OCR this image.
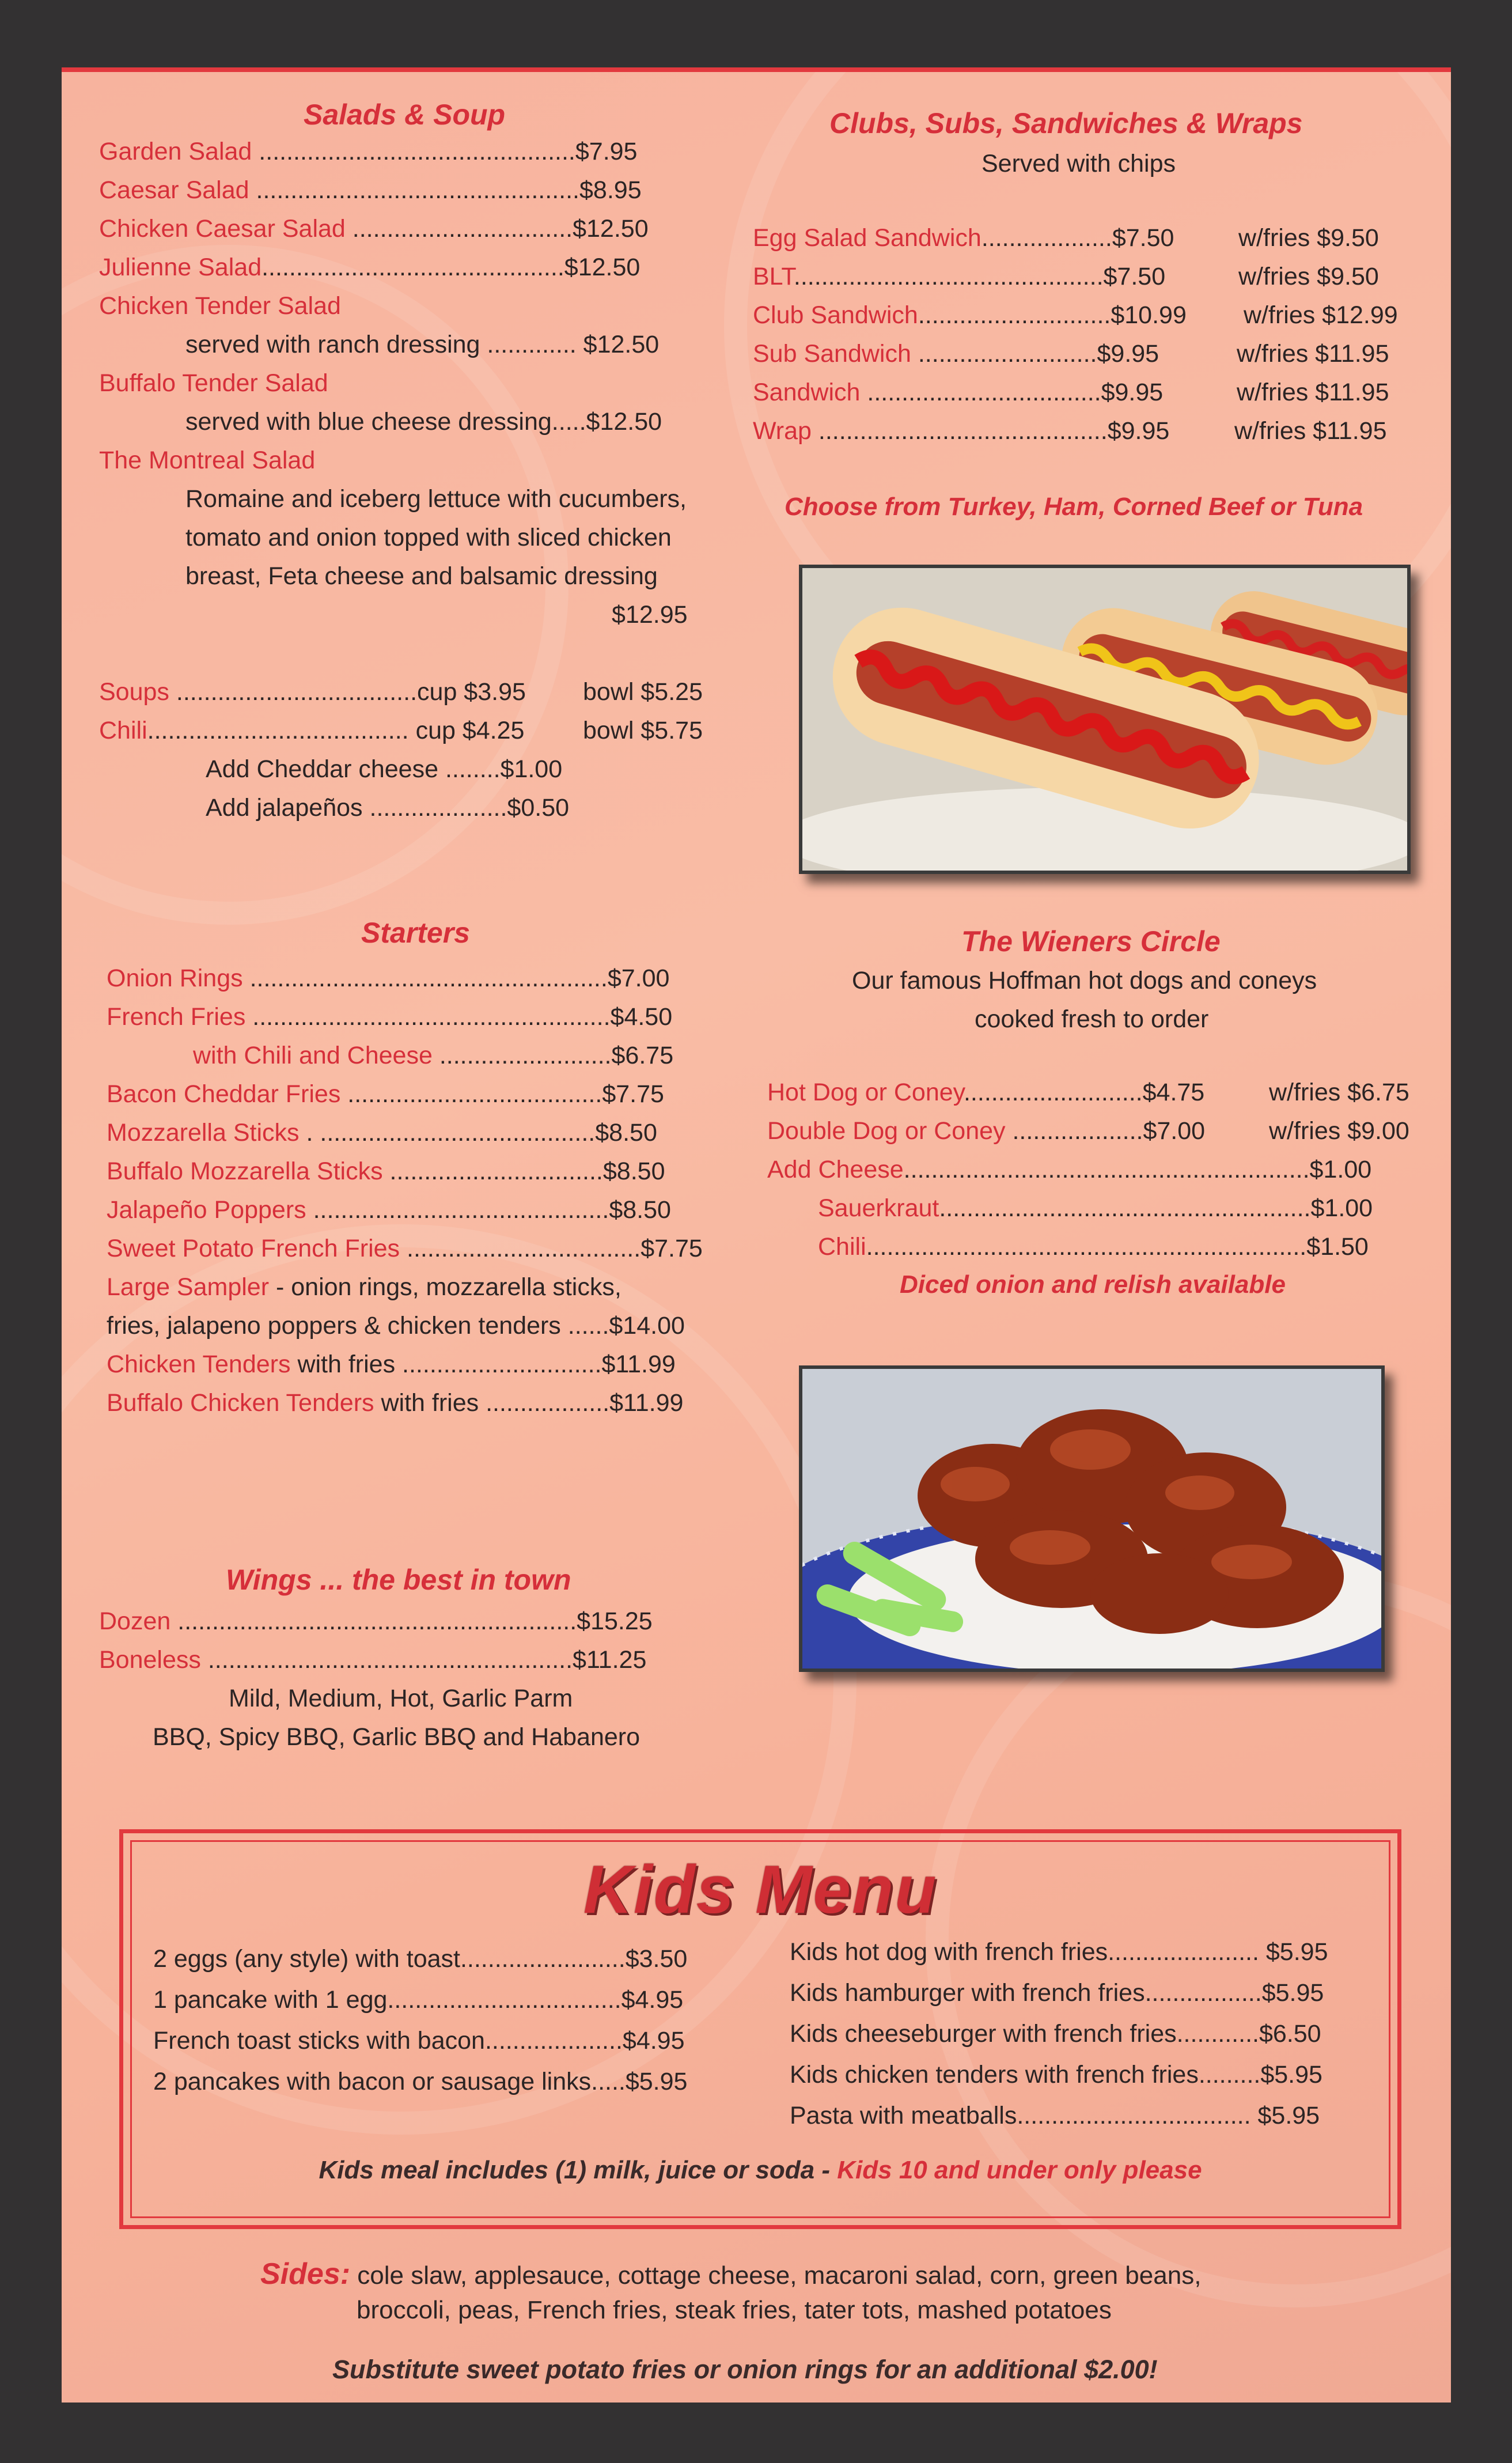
Salads & Soup
Garden Salad ..............................................$7.95
Caesar Salad ...............................................$8.95
Chicken Caesar Salad ................................$12.50
Julienne Salad............................................$12.50
Chicken Tender Salad
served with ranch dressing ............. $12.50
Buffalo Tender Salad
served with blue cheese dressing.....$12.50
The Montreal Salad
Romaine and iceberg lettuce with cucumbers,
tomato and onion topped with sliced chicken
breast, Feta cheese and balsamic dressing
$12.95
Soups ...................................cup $3.95 bowl $5.25
Chili...................................... cup $4.25 bowl $5.75
Add Cheddar cheese ........$1.00
Add jalapeños ....................$0.50
Clubs, Subs, Sandwiches & Wraps
Served with chips
Egg Salad Sandwich...................$7.50	w/fries $9.50
BLT.............................................$7.50	w/fries $9.50
Club Sandwich............................$10.99 w/fries $12.99
Sub Sandwich ..........................$9.95	w/fries $11.95
Sandwich ..................................$9.95	w/fries $11.95
Wrap ..........................................$9.95	w/fries $11.95
Choose from Turkey, Ham, Corned Beef or Tuna
Starters
Onion Rings ....................................................$7.00
French Fries ....................................................$4.50
with Chili and Cheese .........................$6.75
Bacon Cheddar Fries .....................................$7.75
Mozzarella Sticks . ........................................$8.50
Buffalo Mozzarella Sticks ...............................$8.50
Jalapeño Poppers ...........................................$8.50
Sweet Potato French Fries ..................................$7.75
Large Sampler - onion rings, mozzarella sticks,
fries, jalapeno poppers & chicken tenders ......$14.00
Chicken Tenders with fries .............................$11.99
Buffalo Chicken Tenders with fries ..................$11.99
The Wieners Circle
Our famous Hoffman hot dogs and coneys
cooked fresh to order
Hot Dog or Coney..........................$4.75	w/fries $6.75
Double Dog or Coney ...................$7.00	w/fries $9.00
Add Cheese...........................................................$1.00
Sauerkraut......................................................$1.00
Chili................................................................$1.50
Diced onion and relish available
Wings ... the best in town
Dozen ..........................................................$15.25
Boneless .....................................................$11.25
Mild, Medium, Hot, Garlic Parm
BBQ, Spicy BBQ, Garlic BBQ and Habanero
Kids Menu
2 eggs (any style) with toast........................$3.50
1 pancake with 1 egg..................................$4.95
French toast sticks with bacon....................$4.95
2 pancakes with bacon or sausage links.....$5.95
Kids hot dog with french fries...................... $5.95
Kids hamburger with french fries.................$5.95
Kids cheeseburger with french fries............$6.50
Kids chicken tenders with french fries.........$5.95
Pasta with meatballs.................................. $5.95
Kids meal includes (1) milk, juice or soda - Kids 10 and under only please
Sides: cole slaw, applesauce, cottage cheese, macaroni salad, corn, green beans,
broccoli, peas, French fries, steak fries, tater tots, mashed potatoes
Substitute sweet potato fries or onion rings for an additional $2.00!
